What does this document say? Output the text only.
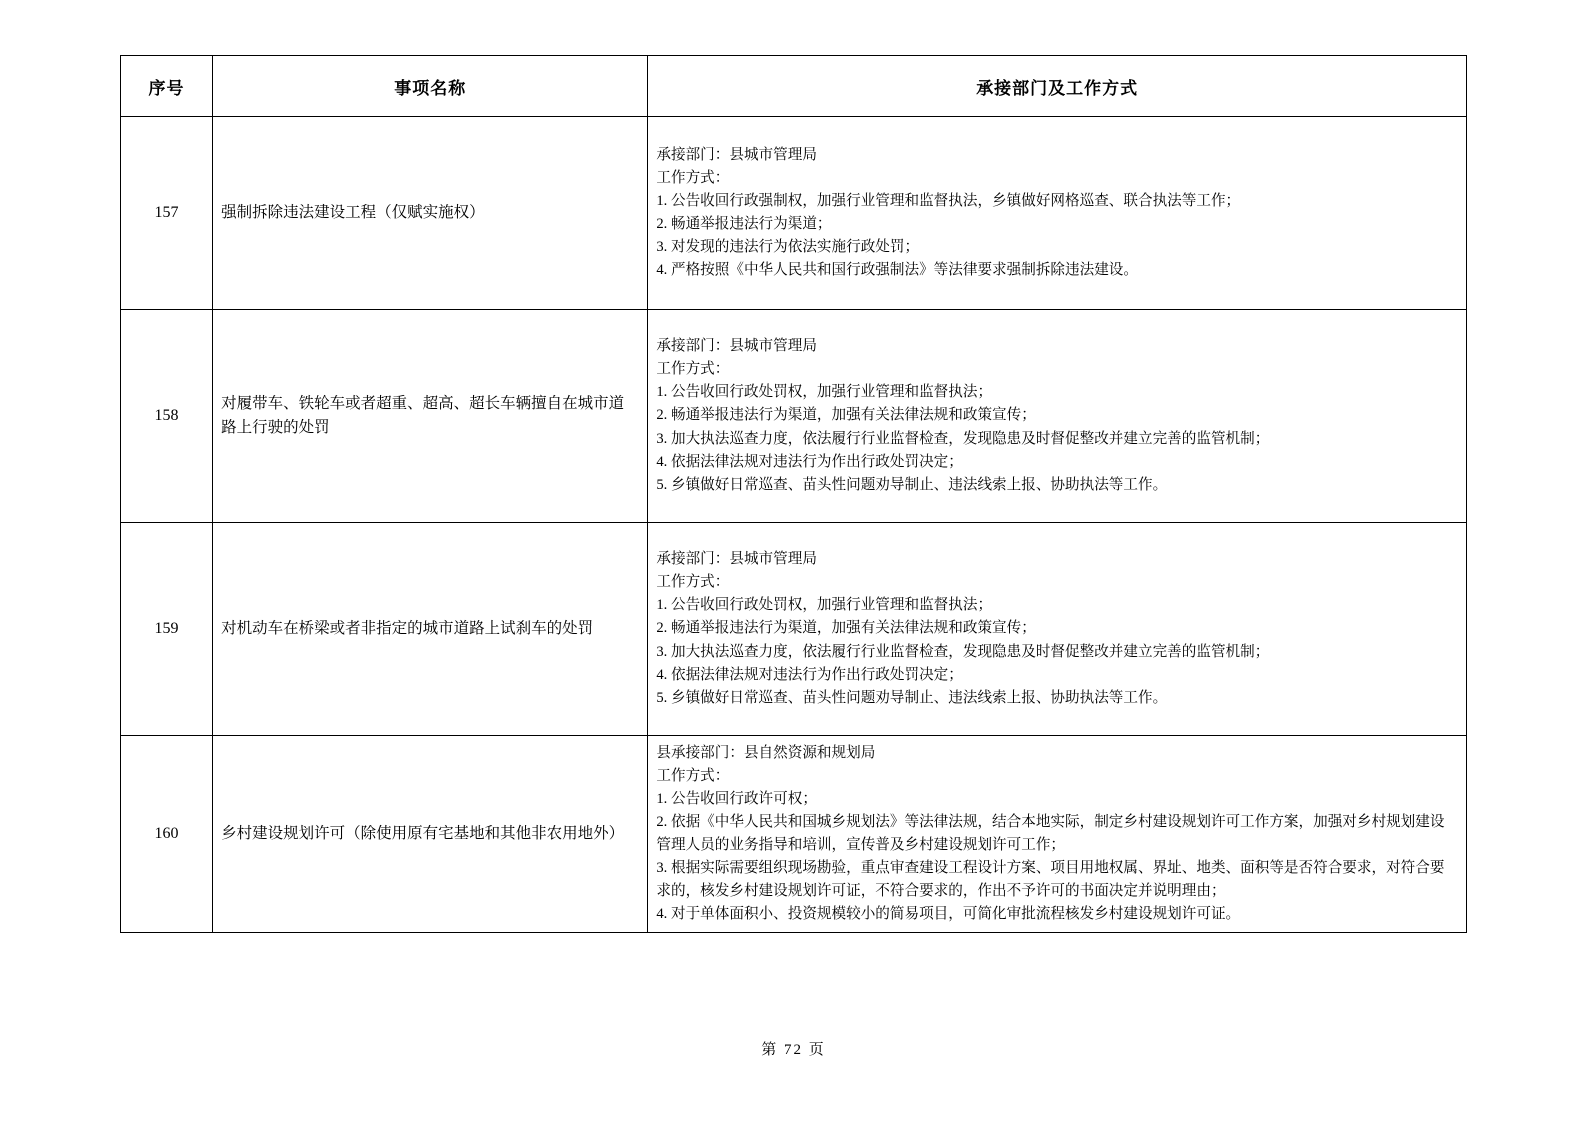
序号	事项名称	承接部门及工作方式
157	强制拆除违法建设工程（仅赋实施权）	
承接部门：县城市管理局
工作方式：
1. 公告收回行政强制权，加强行业管理和监督执法，乡镇做好网格巡查、联合执法等工作；
2. 畅通举报违法行为渠道；
3. 对发现的违法行为依法实施行政处罚；
4. 严格按照《中华人民共和国行政强制法》等法律要求强制拆除违法建设。

158	对履带车、铁轮车或者超重、超高、超长车辆擅自在城市道路上行驶的处罚	
承接部门：县城市管理局
工作方式：
1. 公告收回行政处罚权，加强行业管理和监督执法；
2. 畅通举报违法行为渠道，加强有关法律法规和政策宣传；
3. 加大执法巡查力度，依法履行行业监督检查，发现隐患及时督促整改并建立完善的监管机制；
4. 依据法律法规对违法行为作出行政处罚决定；
5. 乡镇做好日常巡查、苗头性问题劝导制止、违法线索上报、协助执法等工作。

159	对机动车在桥梁或者非指定的城市道路上试刹车的处罚	
承接部门：县城市管理局
工作方式：
1. 公告收回行政处罚权，加强行业管理和监督执法；
2. 畅通举报违法行为渠道，加强有关法律法规和政策宣传；
3. 加大执法巡查力度，依法履行行业监督检查，发现隐患及时督促整改并建立完善的监管机制；
4. 依据法律法规对违法行为作出行政处罚决定；
5. 乡镇做好日常巡查、苗头性问题劝导制止、违法线索上报、协助执法等工作。

160	乡村建设规划许可（除使用原有宅基地和其他非农用地外）	
县承接部门：县自然资源和规划局
工作方式：
1. 公告收回行政许可权；
2. 依据《中华人民共和国城乡规划法》等法律法规，结合本地实际，制定乡村建设规划许可工作方案，加强对乡村规划建设管理人员的业务指导和培训，宣传普及乡村建设规划许可工作；
3. 根据实际需要组织现场勘验，重点审查建设工程设计方案、项目用地权属、界址、地类、面积等是否符合要求，对符合要求的，核发乡村建设规划许可证，不符合要求的，作出不予许可的书面决定并说明理由；
4. 对于单体面积小、投资规模较小的简易项目，可简化审批流程核发乡村建设规划许可证。
第 72 页
